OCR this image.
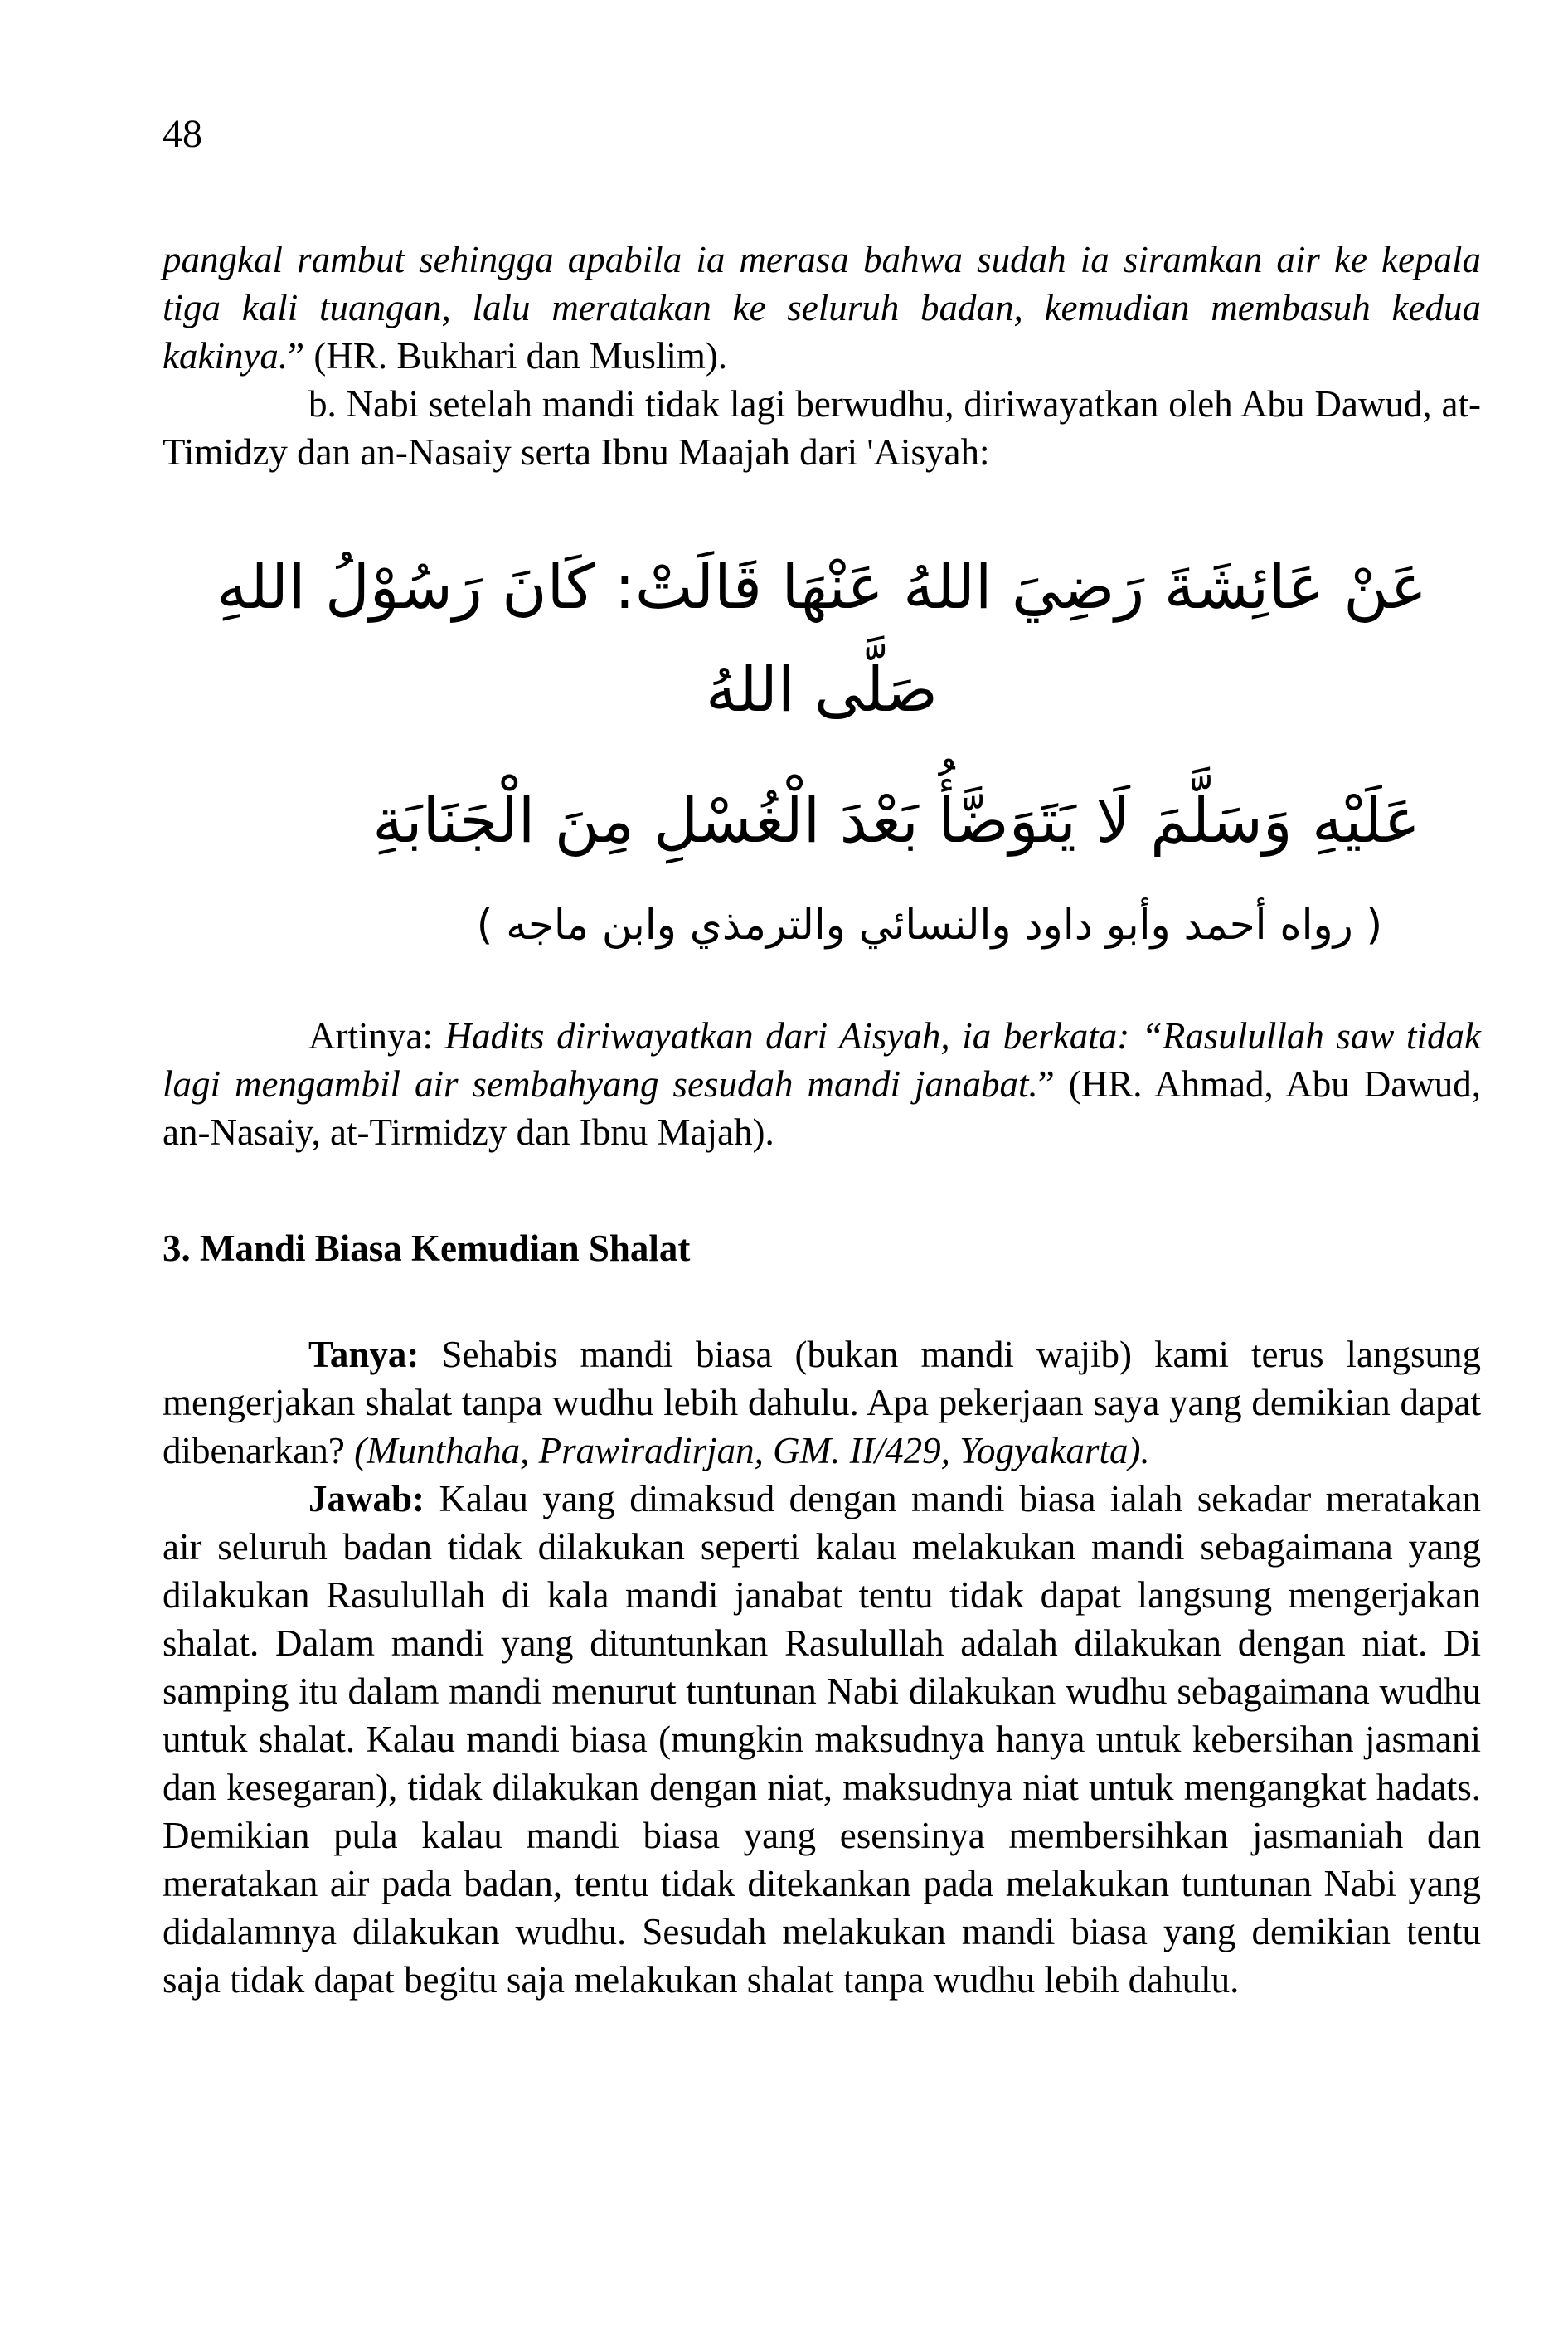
48

pangkal rambut sehingga apabila ia merasa bahwa sudah ia siramkan air ke kepala tiga kali tuangan, lalu meratakan ke seluruh badan, kemudian membasuh kedua kakinya.” (HR. Bukhari dan Muslim).

b. Nabi setelah mandi tidak lagi berwudhu, diriwayatkan oleh Abu Dawud, at-Timidzy dan an-Nasaiy serta Ibnu Maajah dari 'Aisyah:

عَنْ عَائِشَةَ رَضِيَ اللهُ عَنْهَا قَالَتْ: كَانَ رَسُوْلُ اللهِ صَلَّى اللهُ
عَلَيْهِ وَسَلَّمَ لَا يَتَوَضَّأُ بَعْدَ الْغُسْلِ مِنَ الْجَنَابَةِ
( رواه أحمد وأبو داود والنسائي والترمذي وابن ماجه )

Artinya: Hadits diriwayatkan dari Aisyah, ia berkata: “Rasulullah saw tidak lagi mengambil air sembahyang sesudah mandi janabat.” (HR. Ahmad, Abu Dawud, an-Nasaiy, at-Tirmidzy dan Ibnu Majah).

3. Mandi Biasa Kemudian Shalat

Tanya: Sehabis mandi biasa (bukan mandi wajib) kami terus langsung mengerjakan shalat tanpa wudhu lebih dahulu. Apa pekerjaan saya yang demikian dapat dibenarkan? (Munthaha, Prawiradirjan, GM. II/429, Yogyakarta).

Jawab: Kalau yang dimaksud dengan mandi biasa ialah sekadar meratakan air seluruh badan tidak dilakukan seperti kalau melakukan mandi sebagaimana yang dilakukan Rasulullah di kala mandi janabat tentu tidak dapat langsung mengerjakan shalat. Dalam mandi yang dituntunkan Rasulullah adalah dilakukan dengan niat. Di samping itu dalam mandi menurut tuntunan Nabi dilakukan wudhu sebagaimana wudhu untuk shalat. Kalau mandi biasa (mungkin maksudnya hanya untuk kebersihan jasmani dan kesegaran), tidak dilakukan dengan niat, maksudnya niat untuk mengangkat hadats. Demikian pula kalau mandi biasa yang esensinya membersihkan jasmaniah dan meratakan air pada badan, tentu tidak ditekankan pada melakukan tuntunan Nabi yang didalamnya dilakukan wudhu. Sesudah melakukan mandi biasa yang demikian tentu saja tidak dapat begitu saja melakukan shalat tanpa wudhu lebih dahulu.
